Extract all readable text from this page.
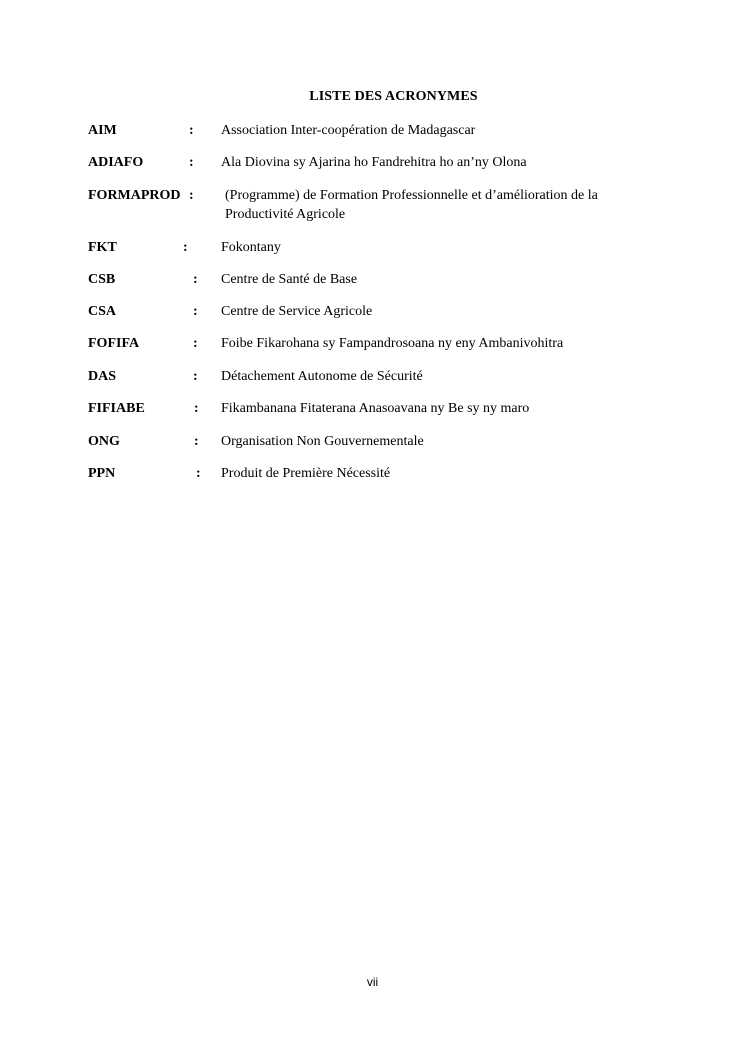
LISTE DES ACRONYMES
AIM	: Association Inter-coopération de Madagascar
ADIAFO	: Ala Diovina sy Ajarina ho Fandrehitra ho an’ny Olona
FORMAPROD : (Programme) de Formation Professionnelle et d’amélioration de la Productivité Agricole
FKT	: Fokontany
CSB	: Centre de Santé de Base
CSA	: Centre de Service Agricole
FOFIFA	: Foibe Fikarohana sy Fampandrosoana ny eny Ambanivohitra
DAS	: Détachement Autonome de Sécurité
FIFIABE	: Fikambanana Fitaterana Anasoavana ny Be sy ny maro
ONG	: Organisation Non Gouvernementale
PPN	: Produit de Première Nécessité
vii
